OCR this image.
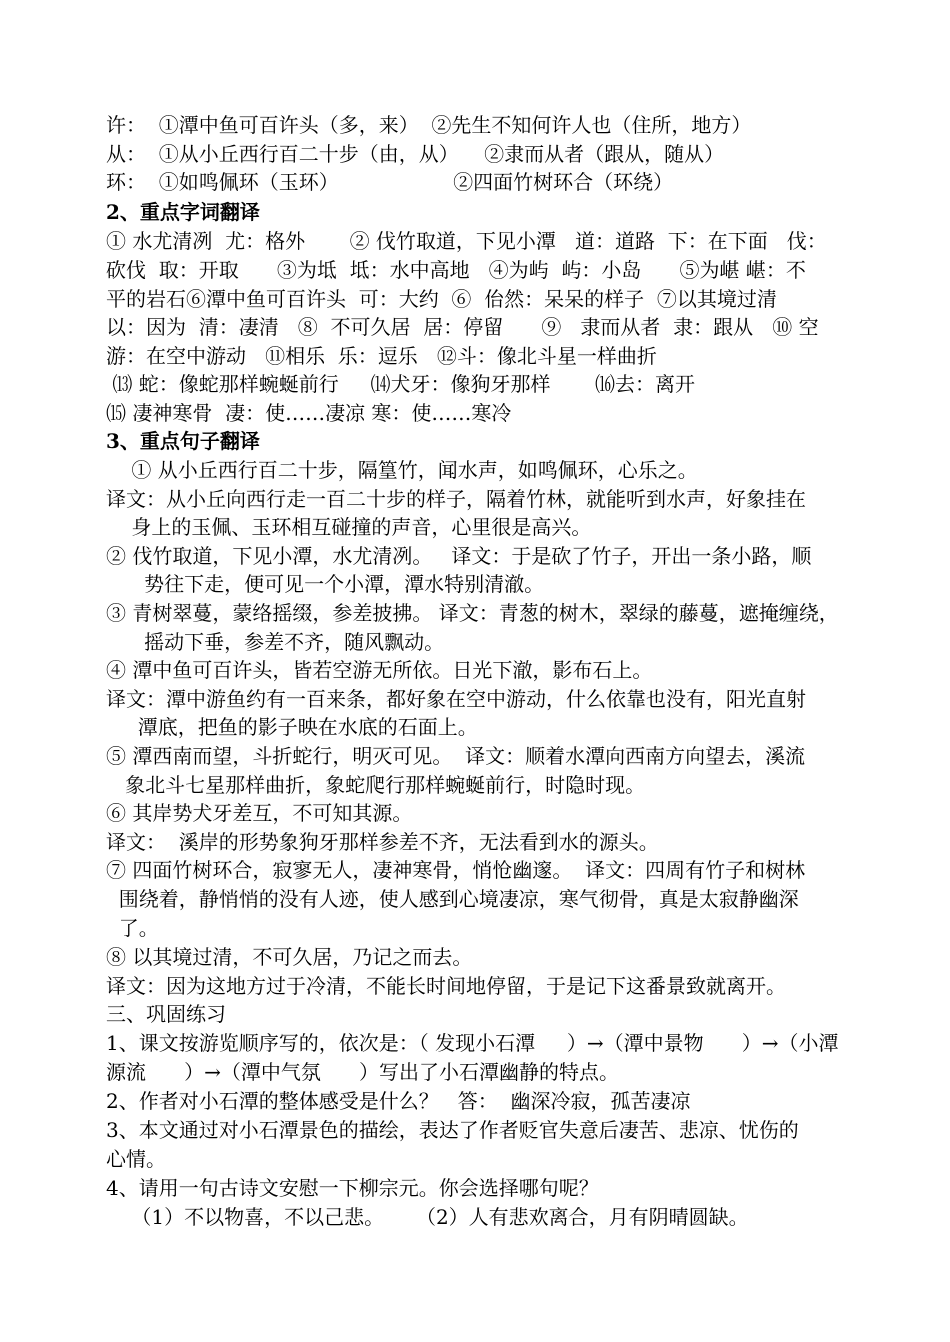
许：  ①潭中鱼可百许头（多，来）  ②先生不知何许人也（住所，地方）
从：  ①从小丘西行百二十步（由，从）    ②隶而从者（跟从，随从）
环：  ①如鸣佩环（玉环）                  ②四面竹树环合（环绕）
2、重点字词翻译
① 水尤清冽  尤：格外       ② 伐竹取道，下见小潭   道：道路  下：在下面   伐：
砍伐  取：开取      ③为坻  坻：水中高地   ④为屿  屿：小岛      ⑤为嵁 嵁：不
平的岩石⑥潭中鱼可百许头  可：大约  ⑥  佁然：呆呆的样子  ⑦以其境过清
以：因为  清：凄清   ⑧  不可久居  居：停留      ⑨   隶而从者  隶：跟从   ⑩ 空
游：在空中游动   ⑪相乐  乐：逗乐   ⑫斗：像北斗星一样曲折
⒀ 蛇：像蛇那样蜿蜒前行     ⒁犬牙：像狗牙那样       ⒃去：离开
⒂ 凄神寒骨  凄：使……凄凉 寒：使……寒冷
3、重点句子翻译
① 从小丘西行百二十步，隔篁竹，闻水声，如鸣佩环，心乐之。
译文：从小丘向西行走一百二十步的样子，隔着竹林，就能听到水声，好象挂在
身上的玉佩、玉环相互碰撞的声音，心里很是高兴。
② 伐竹取道，下见小潭，水尤清冽。   译文：于是砍了竹子，开出一条小路，顺
势往下走，便可见一个小潭，潭水特别清澈。
③ 青树翠蔓，蒙络摇缀，参差披拂。 译文：青葱的树木，翠绿的藤蔓，遮掩缠绕，
摇动下垂，参差不齐，随风飘动。
④ 潭中鱼可百许头，皆若空游无所依。日光下澈，影布石上。
译文：潭中游鱼约有一百来条，都好象在空中游动，什么依靠也没有，阳光直射
潭底，把鱼的影子映在水底的石面上。
⑤ 潭西南而望，斗折蛇行，明灭可见。  译文：顺着水潭向西南方向望去，溪流
象北斗七星那样曲折，象蛇爬行那样蜿蜒前行，时隐时现。
⑥ 其岸势犬牙差互，不可知其源。
译文：  溪岸的形势象狗牙那样参差不齐，无法看到水的源头。
⑦ 四面竹树环合，寂寥无人，凄神寒骨，悄怆幽邃。  译文：四周有竹子和树林
围绕着，静悄悄的没有人迹，使人感到心境凄凉，寒气彻骨，真是太寂静幽深
了。
⑧ 以其境过清，不可久居，乃记之而去。
译文：因为这地方过于冷清，不能长时间地停留，于是记下这番景致就离开。
三、巩固练习
1、课文按游览顺序写的，依次是：（ 发现小石潭     ）→（潭中景物      ）→（小潭
源流      ）→（潭中气氛      ）写出了小石潭幽静的特点。
2、作者对小石潭的整体感受是什么？   答：  幽深冷寂，孤苦凄凉
3、本文通过对小石潭景色的描绘，表达了作者贬官失意后凄苦、悲凉、忧伤的
心情。
4、请用一句古诗文安慰一下柳宗元。你会选择哪句呢？
（1）不以物喜，不以己悲。     （2）人有悲欢离合，月有阴晴圆缺。
